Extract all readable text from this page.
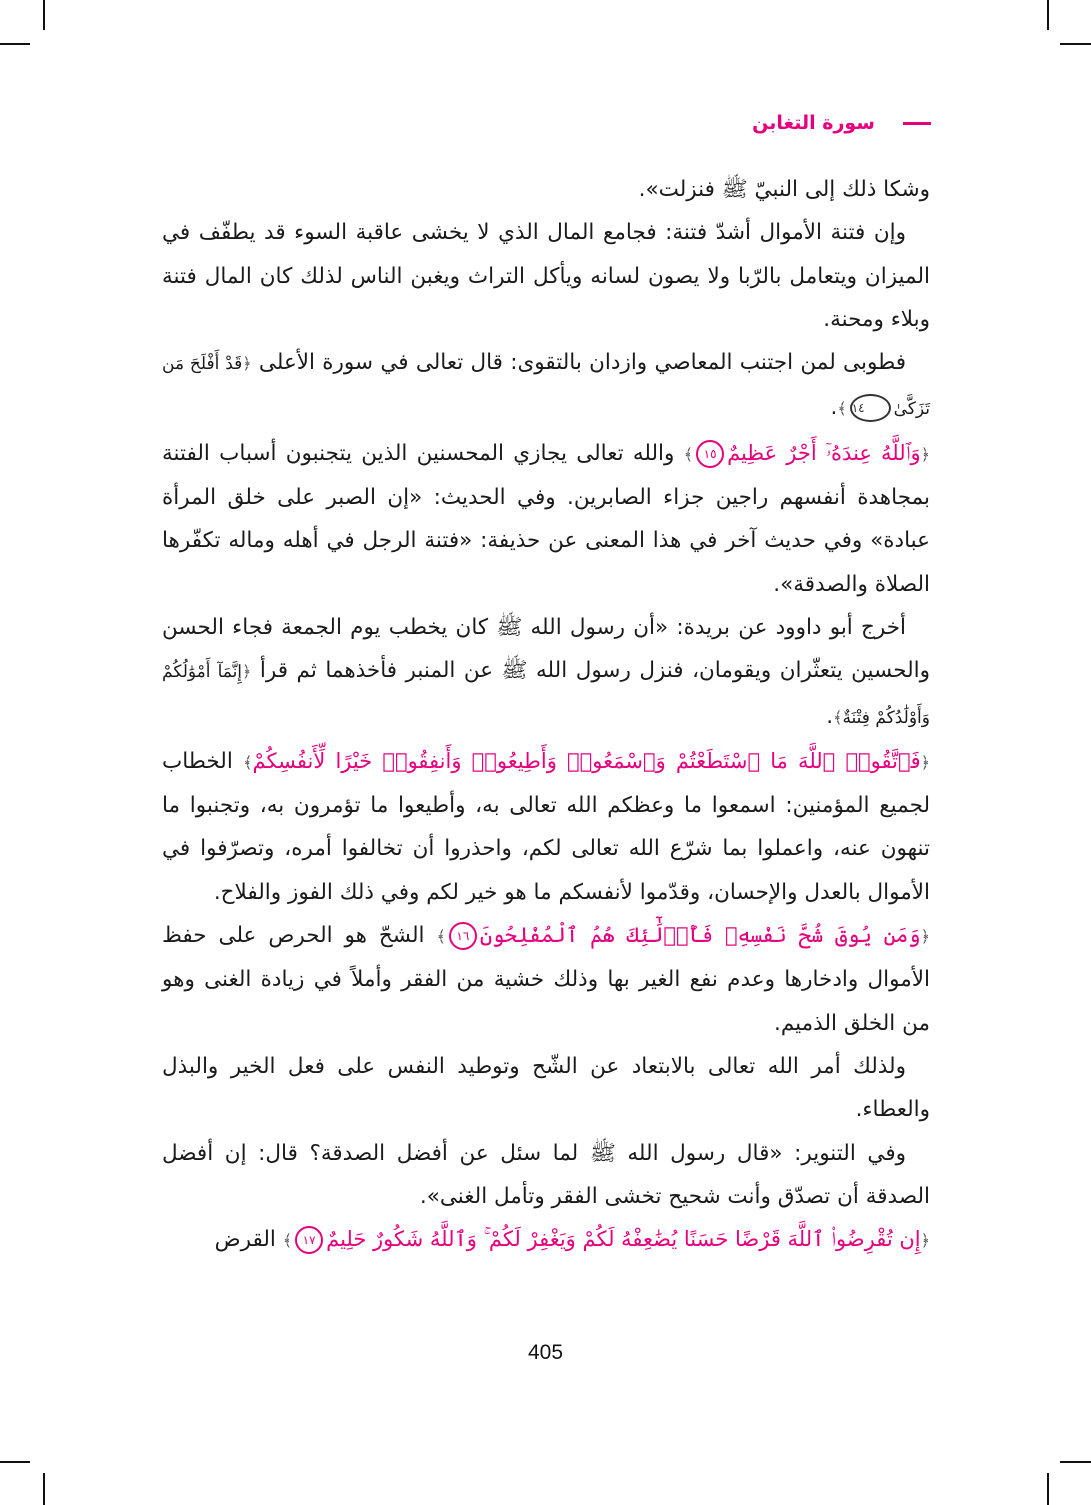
سورة التغابن

وشكا ذلك إلى النبيّ ﷺ فنزلت».

وإن فتنة الأموال أشدّ فتنة: فجامع المال الذي لا يخشى عاقبة السوء قد يطفّف في الميزان ويتعامل بالرّبا ولا يصون لسانه ويأكل التراث ويغبن الناس لذلك كان المال فتنة وبلاء ومحنة.

فطوبى لمن اجتنب المعاصي وازدان بالتقوى: قال تعالى في سورة الأعلى ﴿قَدْ أَفْلَحَ مَن تَزَكَّىٰ١٤﴾.

﴿وَٱللَّهُ عِندَهُۥٓ أَجْرٌ عَظِيمٌ١٥﴾ والله تعالى يجازي المحسنين الذين يتجنبون أسباب الفتنة بمجاهدة أنفسهم راجين جزاء الصابرين. وفي الحديث: «إن الصبر على خلق المرأة عبادة» وفي حديث آخر في هذا المعنى عن حذيفة: «فتنة الرجل في أهله وماله تكفّرها الصلاة والصدقة».

أخرج أبو داوود عن بريدة: «أن رسول الله ﷺ كان يخطب يوم الجمعة فجاء الحسن والحسين يتعثّران ويقومان، فنزل رسول الله ﷺ عن المنبر فأخذهما ثم قرأ ﴿إِنَّمَآ أَمْوَٰلُكُمْ وَأَوْلَٰدُكُمْ فِتْنَةٌ﴾.

﴿فَٱتَّقُوا۟ ٱللَّهَ مَا ٱسْتَطَعْتُمْ وَٱسْمَعُوا۟ وَأَطِيعُوا۟ وَأَنفِقُوا۟ خَيْرًا لِّأَنفُسِكُمْ﴾ الخطاب لجميع المؤمنين: اسمعوا ما وعظكم الله تعالى به، وأطيعوا ما تؤمرون به، وتجنبوا ما تنهون عنه، واعملوا بما شرّع الله تعالى لكم، واحذروا أن تخالفوا أمره، وتصرّفوا في الأموال بالعدل والإحسان، وقدّموا لأنفسكم ما هو خير لكم وفي ذلك الفوز والفلاح.

﴿وَمَن يُوقَ شُحَّ نَفْسِهِۦ فَأُو۟لَٰٓئِكَ هُمُ ٱلْمُفْلِحُونَ١٦﴾ الشحّ هو الحرص على حفظ الأموال وادخارها وعدم نفع الغير بها وذلك خشية من الفقر وأملاً في زيادة الغنى وهو من الخلق الذميم.

ولذلك أمر الله تعالى بالابتعاد عن الشّح وتوطيد النفس على فعل الخير والبذل والعطاء.

وفي التنوير: «قال رسول الله ﷺ لما سئل عن أفضل الصدقة؟ قال: إن أفضل الصدقة أن تصدّق وأنت شحيح تخشى الفقر وتأمل الغنى».

﴿إِن تُقْرِضُوا۟ ٱللَّهَ قَرْضًا حَسَنًا يُضَٰعِفْهُ لَكُمْ وَيَغْفِرْ لَكُمْ ۚ وَٱللَّهُ شَكُورٌ حَلِيمٌ١٧﴾ القرض

405
